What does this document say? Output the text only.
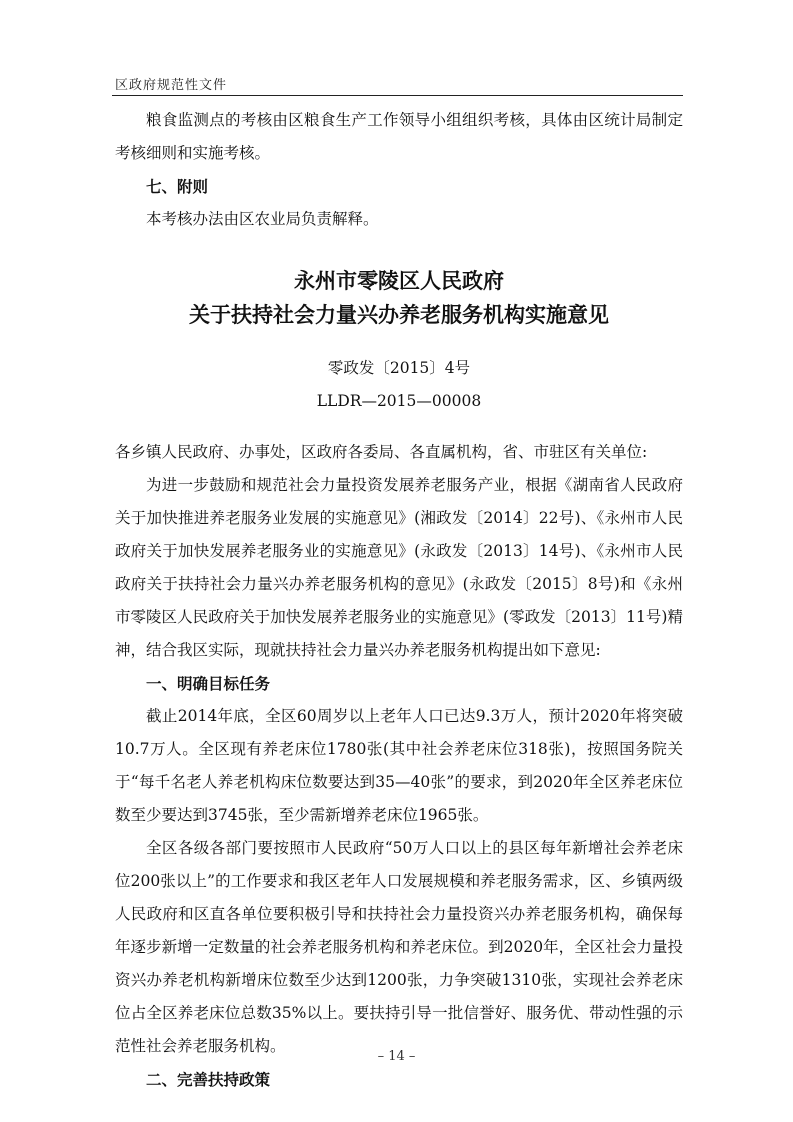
区政府规范性文件

粮食监测点的考核由区粮食生产工作领导小组组织考核，具体由区统计局制定考核细则和实施考核。

七、附则

本考核办法由区农业局负责解释。

永州市零陵区人民政府

关于扶持社会力量兴办养老服务机构实施意见

零政发〔2015〕4号

LLDR—2015—00008

各乡镇人民政府、办事处，区政府各委局、各直属机构，省、市驻区有关单位:

为进一步鼓励和规范社会力量投资发展养老服务产业，根据《湖南省人民政府关于加快推进养老服务业发展的实施意见》(湘政发〔2014〕22号)、《永州市人民政府关于加快发展养老服务业的实施意见》(永政发〔2013〕14号)、《永州市人民政府关于扶持社会力量兴办养老服务机构的意见》(永政发〔2015〕8号)和《永州市零陵区人民政府关于加快发展养老服务业的实施意见》(零政发〔2013〕11号)精神，结合我区实际，现就扶持社会力量兴办养老服务机构提出如下意见:

一、明确目标任务

截止2014年底，全区60周岁以上老年人口已达9.3万人，预计2020年将突破10.7万人。全区现有养老床位1780张(其中社会养老床位318张)，按照国务院关于“每千名老人养老机构床位数要达到35—40张”的要求，到2020年全区养老床位数至少要达到3745张，至少需新增养老床位1965张。

全区各级各部门要按照市人民政府“50万人口以上的县区每年新增社会养老床位200张以上”的工作要求和我区老年人口发展规模和养老服务需求，区、乡镇两级人民政府和区直各单位要积极引导和扶持社会力量投资兴办养老服务机构，确保每年逐步新增一定数量的社会养老服务机构和养老床位。到2020年，全区社会力量投资兴办养老机构新增床位数至少达到1200张，力争突破1310张，实现社会养老床位占全区养老床位总数35%以上。要扶持引导一批信誉好、服务优、带动性强的示范性社会养老服务机构。

二、完善扶持政策

– 14 –
